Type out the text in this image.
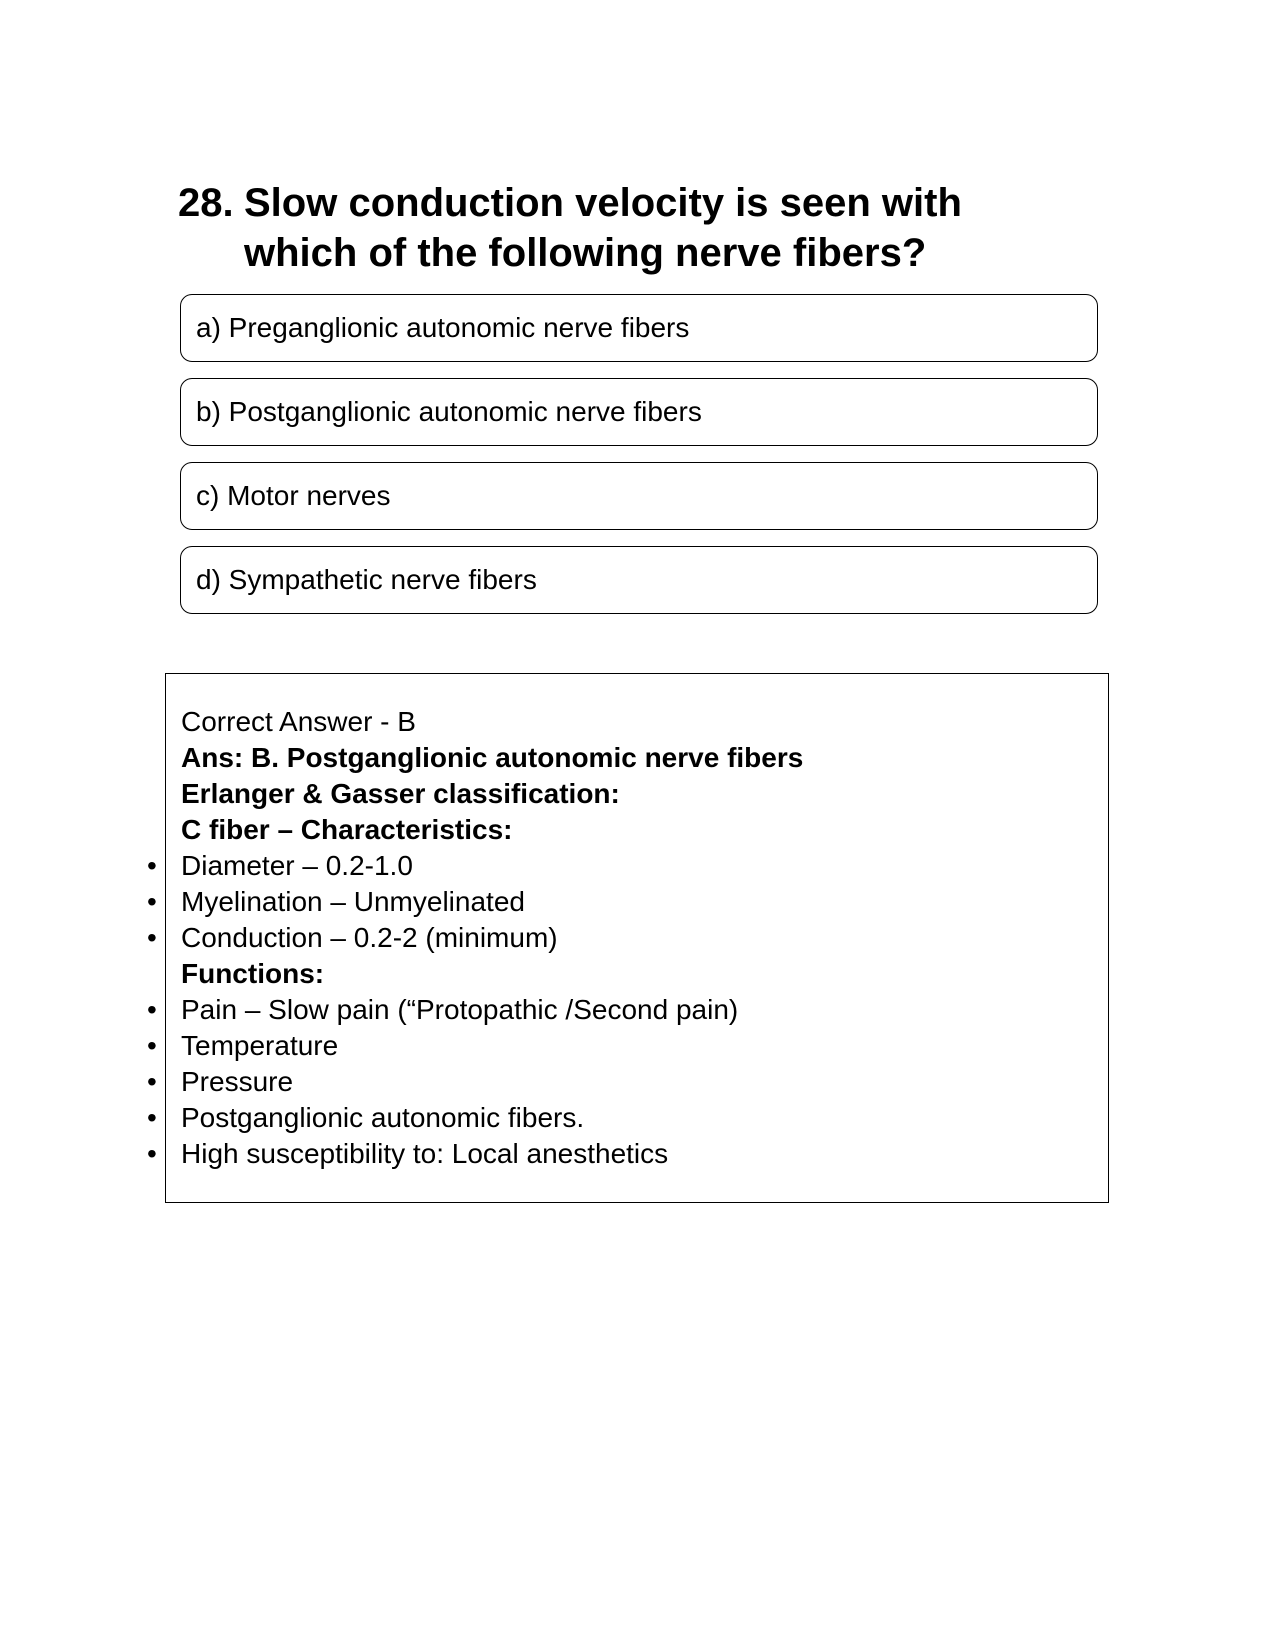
28. Slow conduction velocity is seen with which of the following nerve fibers?
a) Preganglionic autonomic nerve fibers
b) Postganglionic autonomic nerve fibers
c) Motor nerves
d) Sympathetic nerve fibers
Correct Answer - B
Ans: B. Postganglionic autonomic nerve fibers
Erlanger & Gasser classification:
C fiber – Characteristics:
• Diameter – 0.2-1.0
• Myelination – Unmyelinated
• Conduction – 0.2-2 (minimum)
Functions:
• Pain – Slow pain (“Protopathic /Second pain)
• Temperature
• Pressure
• Postganglionic autonomic fibers.
• High susceptibility to: Local anesthetics
